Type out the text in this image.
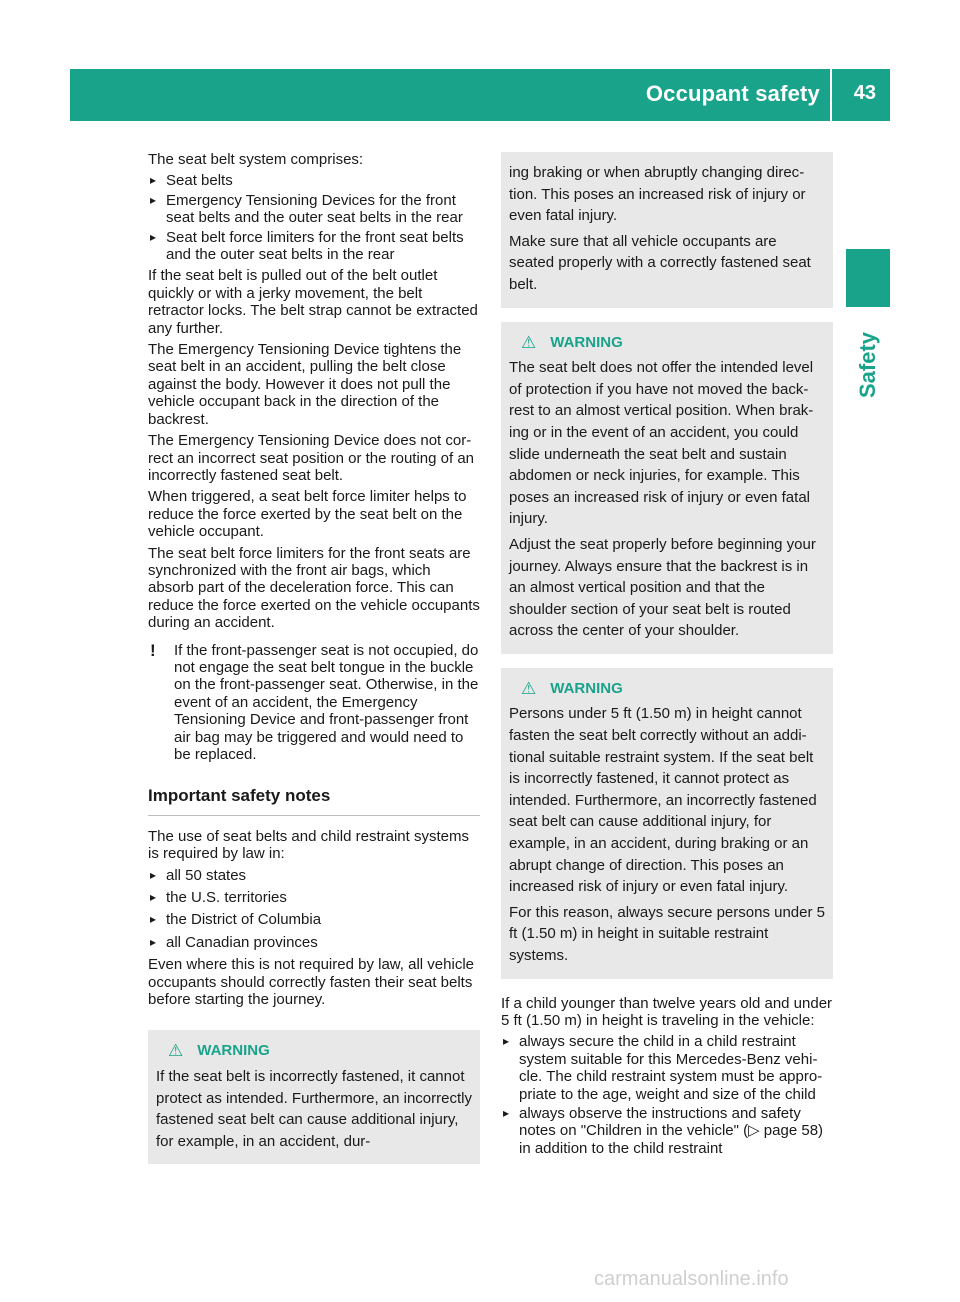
Occupant safety 43
Safety

The seat belt system comprises:

▸ Seat belts
▸ Emergency Tensioning Devices for the front seat belts and the outer seat belts in the rear
▸ Seat belt force limiters for the front seat belts and the outer seat belts in the rear

If the seat belt is pulled out of the belt outlet quickly or with a jerky movement, the belt retractor locks. The belt strap cannot be extracted any further.

The Emergency Tensioning Device tightens the seat belt in an accident, pulling the belt close against the body. However it does not pull the vehicle occupant back in the direction of the backrest.

The Emergency Tensioning Device does not correct an incorrect seat position or the routing of an incorrectly fastened seat belt.

When triggered, a seat belt force limiter helps to reduce the force exerted by the seat belt on the vehicle occupant.

The seat belt force limiters for the front seats are synchronized with the front air bags, which absorb part of the deceleration force. This can reduce the force exerted on the vehicle occupants during an accident.

! If the front-passenger seat is not occupied, do not engage the seat belt tongue in the buckle on the front-passenger seat. Otherwise, in the event of an accident, the Emergency Tensioning Device and front-passenger front air bag may be triggered and would need to be replaced.
Important safety notes

The use of seat belts and child restraint systems is required by law in:

▸ all 50 states
▸ the U.S. territories
▸ the District of Columbia
▸ all Canadian provinces

Even where this is not required by law, all vehicle occupants should correctly fasten their seat belts before starting the journey.

⚠ WARNING

If the seat belt is incorrectly fastened, it cannot protect as intended. Furthermore, an incorrectly fastened seat belt can cause additional injury, for example, in an accident, dur-

ing braking or when abruptly changing direction. This poses an increased risk of injury or even fatal injury.

Make sure that all vehicle occupants are seated properly with a correctly fastened seat belt.

⚠ WARNING

The seat belt does not offer the intended level of protection if you have not moved the backrest to an almost vertical position. When braking or in the event of an accident, you could slide underneath the seat belt and sustain abdomen or neck injuries, for example. This poses an increased risk of injury or even fatal injury.

Adjust the seat properly before beginning your journey. Always ensure that the backrest is in an almost vertical position and that the shoulder section of your seat belt is routed across the center of your shoulder.

⚠ WARNING

Persons under 5 ft (1.50 m) in height cannot fasten the seat belt correctly without an additional suitable restraint system. If the seat belt is incorrectly fastened, it cannot protect as intended. Furthermore, an incorrectly fastened seat belt can cause additional injury, for example, in an accident, during braking or an abrupt change of direction. This poses an increased risk of injury or even fatal injury.

For this reason, always secure persons under 5 ft (1.50 m) in height in suitable restraint systems.

If a child younger than twelve years old and under 5 ft (1.50 m) in height is traveling in the vehicle:

▸ always secure the child in a child restraint system suitable for this Mercedes-Benz vehicle. The child restraint system must be appropriate to the age, weight and size of the child
▸ always observe the instructions and safety notes on "Children in the vehicle" (▷ page 58) in addition to the child restraint
carmanualsonline.info
